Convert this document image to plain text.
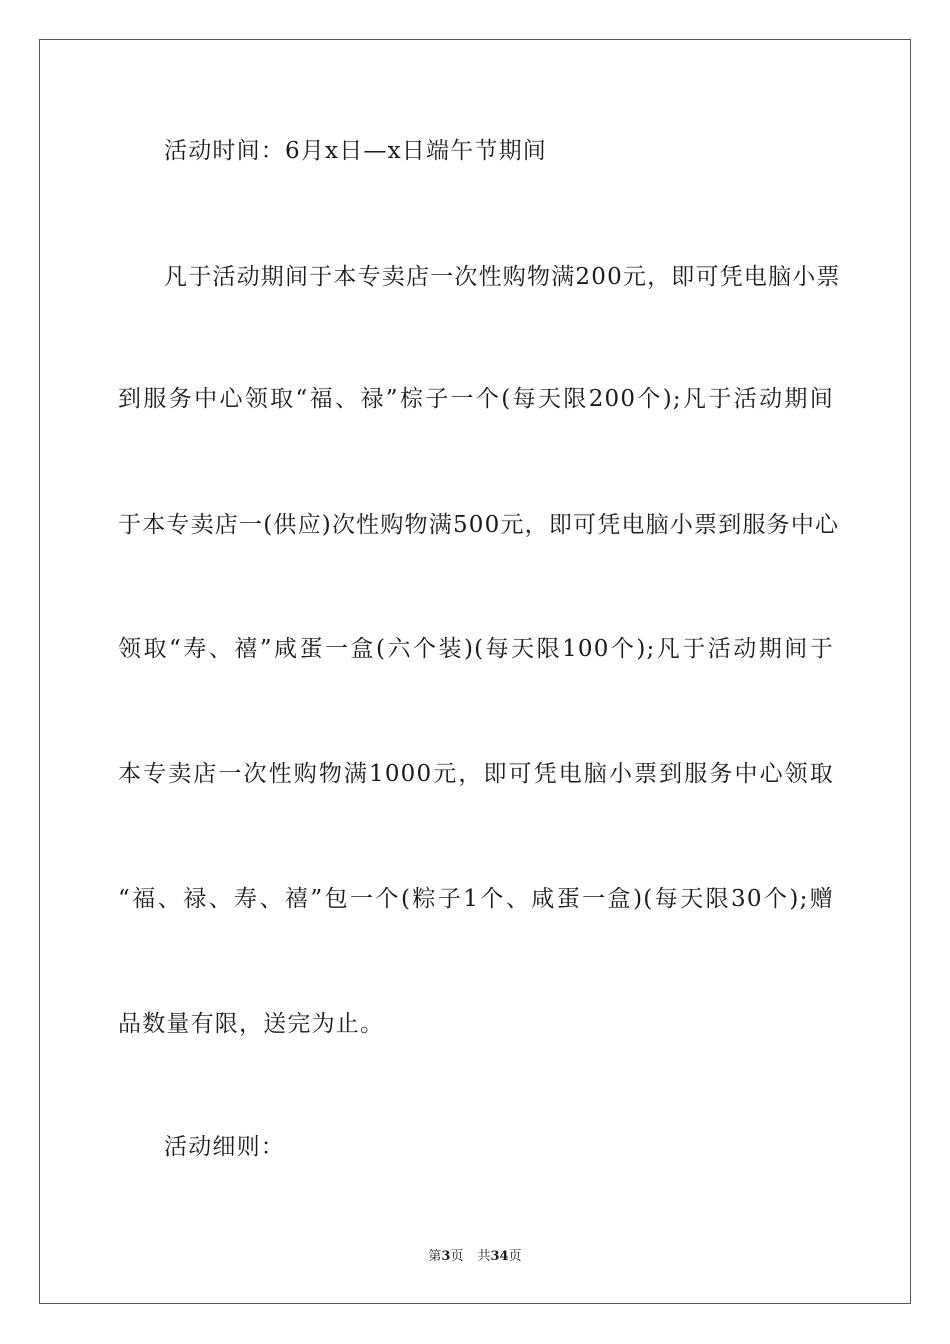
活动时间：6月x日—x日端午节期间
凡于活动期间于本专卖店一次性购物满200元，即可凭电脑小票
到服务中心领取“福、禄”棕子一个(每天限200个);凡于活动期间
于本专卖店一(供应)次性购物满500元，即可凭电脑小票到服务中心
领取“寿、禧”咸蛋一盒(六个装)(每天限100个);凡于活动期间于
本专卖店一次性购物满1000元，即可凭电脑小票到服务中心领取
“福、禄、寿、禧”包一个(粽子1个、咸蛋一盒)(每天限30个);赠
品数量有限，送完为止。
活动细则：
第3页 共34页
